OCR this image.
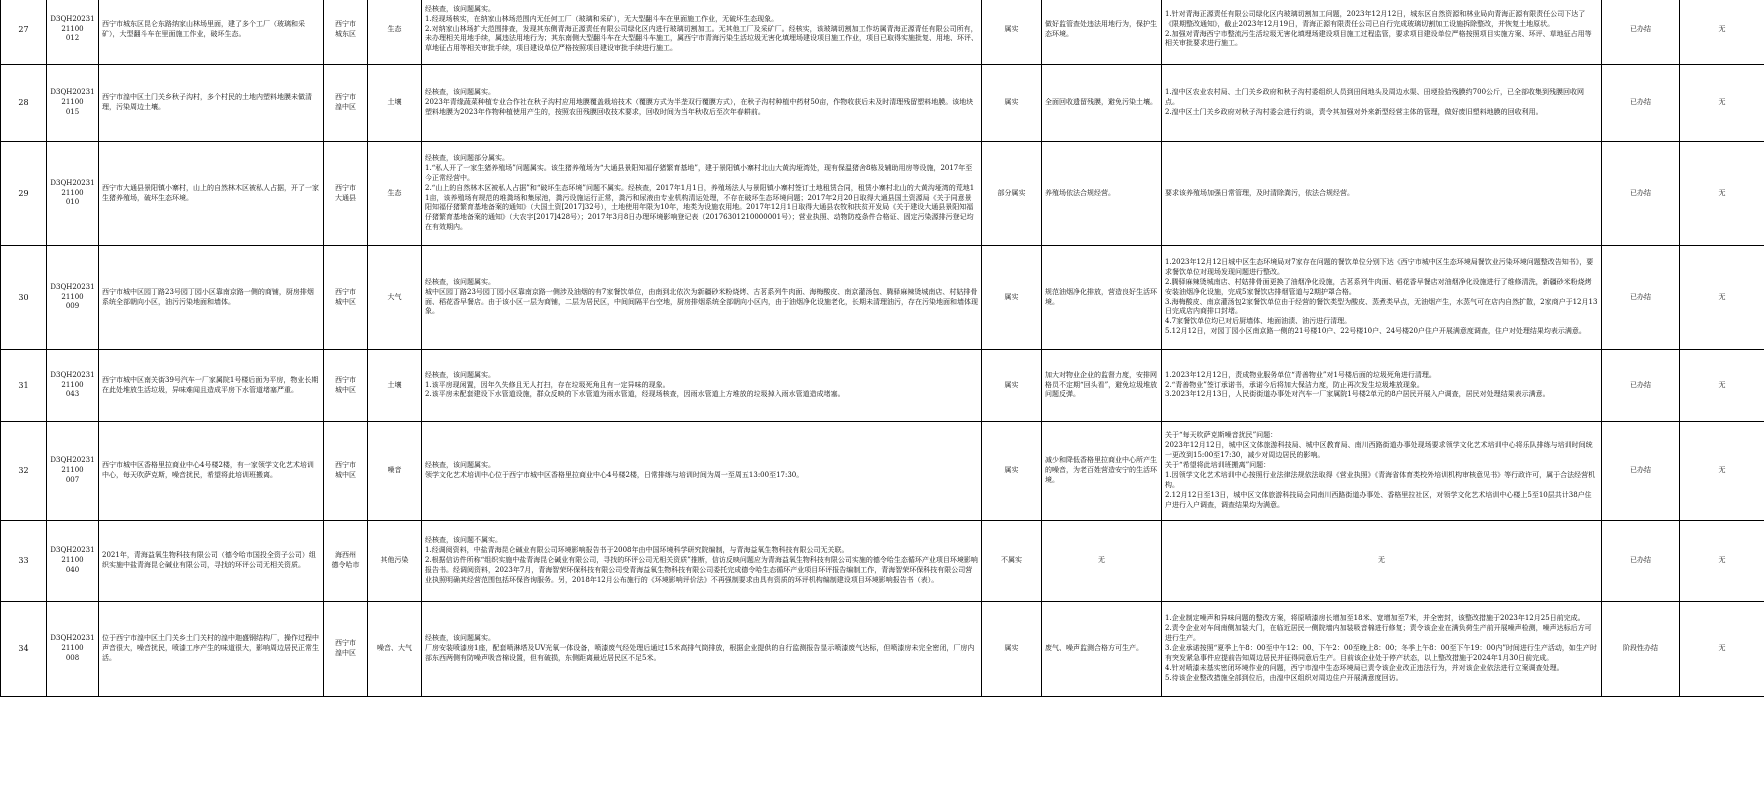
27	D3QH2023121100
012	西宁市城东区昆仑东路纳家山林场里面，建了多个工厂（玻璃和采矿），大型翻斗车在里面施工作业，破坏生态。	西宁市
城东区	生态	经核查，该问题属实。
1.经现场核实，在纳家山林场范围内无任何工厂（玻璃和采矿），无大型翻斗车在里面施工作业，无破坏生态现象。
2.对纳家山林场扩大范围排查，发现其东侧青海正源责任有限公司绿化区内进行玻璃切割加工。无其他工厂及采矿厂。经核实，该玻璃切割加工作坊属青海正源青任有限公司所有，未办理相关用地手续，属违法用地行为；其东南侧大型翻斗车在大型翻斗车施工，属西宁市青海污染生活垃圾无害化填埋场建设项目施工作业，项目已取得实施批复、用地、环评、草地征占用等相关审批手续，项目建设单位严格按照项目建设审批手续进行施工。	属实	做好监管查处违法用地行为，保护生态环境。	1.针对青海正源责任有限公司绿化区内玻璃切割加工问题，2023年12月12日，城东区自然资源和林业局向青海正源有限责任公司下达了《限期整改通知》，截止2023年12月19日，青海正源有限责任公司已自行完成玻璃切割加工设施拆除整改，并恢复土地原状。
2.加强对青海西宁市整流污生活垃圾无害化填埋场建设项目施工过程监管，要求项目建设单位严格按照项目实施方案、环评、草地征占用等相关审批要求进行施工。	已办结	无

28	D3QH2023121100
015	西宁市湟中区土门关乡秋子沟村，多个村民的土地内塑料地膜未做清理，污染周边土壤。	西宁市
湟中区	土壤	经核查，该问题属实。
2023年青缘蔬菜种植专业合作社在秋子沟村应用地膜覆盖栽培技术（覆膜方式为半垄双行覆膜方式），在秋子沟村种植中药材50亩，作物收获后未及时清理残留塑料地膜。该地块塑料地膜为2023年作物种植使用产生的，按照农田残膜回收技术要求，回收时间为当年秋收后至次年春耕前。	属实	全面回收遗留残膜，避免污染土壤。	1.湟中区农业农村局、土门关乡政府和秋子沟村委组织人员到田间地头及周边水渠、田埂捡拾残膜约700公斤，已全部收集到残膜回收网点。
2.湟中区土门关乡政府对秋子沟村委会进行约谈，责令其加强对外来新型经营主体的管理，做好废旧塑料地膜的回收利用。	已办结	无

29	D3QH2023121100
010	西宁市大通县景阳镇小寨村，山上的自然林木区被私人占据，开了一家生猪养殖场，破坏生态环境。	西宁市
大通县	生态	经核查，该问题部分属实。
1.“私人开了一家生猪养殖场”问题属实。该生猪养殖场为“大通县景阳知福仔猪繁育基地”，建于景阳镇小寨村北山大黄沟垭湾处，现有保温猪舍8栋及辅助用房等设施，2017年至今正常经营中。
2.“山上的自然林木区被私人占据”和“破坏生态环境”问题不属实。经核查，2017年1月1日，养殖场法人与景阳镇小寨村签订土地租赁合同，租赁小寨村北山的大黄沟垭湾的荒地11亩，该养殖场有规范的堆粪场和集尿池，粪污设施运行正常，粪污和尿液由专业机构清运处理，不存在破坏生态环境问题；2017年2月20日取得大通县国土资源局《关于同意景阳知福仔猪繁育基地备案的通知》（大国土资[2017]32号），土地使用年限为10年，地类为设施农用地。2017年12月1日取得大通县农牧和扶贫开发局《关于建设大通县景阳知福仔猪繁育基地备案的通知》（大农字[2017]428号）；2017年3月8日办理环境影响登记表（20176301210000001号）；营业执照、动物防疫条件合格证、固定污染源排污登记均在有效期内。	部分属实	养殖场依法合规经营。	要求该养殖场加强日常管理，及时清除粪污，依法合规经营。	已办结	无

30	D3QH2023121100
009	西宁市城中区园丁路23号园丁园小区靠南京路一侧的商铺，厨房排烟系统全部朝向小区，油污污染地面和墙体。	西宁市
城中区	大气	经核查，该问题属实。
城中区园丁路23号园丁园小区靠南京路一侧涉及油烟的有7家餐饮单位，由南到北依次为新疆砂米粉烧烤、古茗系列牛肉面、海梅酸皮、南京灌汤包、腾驿麻辣烫城南店、村姑排骨面、稻花香早餐店。由于该小区一层为商铺，二层为居民区，中间间隔平台空地，厨房排烟系统全部朝向小区内，由于油烟净化设施老化，长期未清理油污，存在污染地面和墙体现象。	属实	规范油烟净化排放，营造良好生活环境。	1.2023年12月12日城中区生态环境局对7家存在问题的餐饮单位分别下达《西宁市城中区生态环境局餐饮业污染环境问题整改告知书》，要求餐饮单位对现场发现问题进行整改。
2.腾驿麻辣烫城南店、村姑排骨面更换了油烟净化设施，古茗系列牛肉面、稻花香早餐店对油烟净化设施进行了维修清洗，新疆砂米粉烧烤安装油烟净化设施，完成5家餐饮店排烟管道与2期护罩合格。
3.海梅酸皮、南京灌汤包2家餐饮单位由于经营的餐饮类型为酸皮、蒸煮类早点，无油烟产生，水蒸气可在店内自然扩散，2家商户于12月13日完成店内商排口封堵。
4.7家餐饮单位均已对后厨墙体、地面油渍、油污进行清理。
5.12月12日，对园丁园小区南京路一侧的21号楼10户、22号楼10户、24号楼20户住户开展满意度调查，住户对处理结果均表示满意。	已办结	无

31	D3QH2023121100
043	西宁市城中区南关街39号汽车一厂家属院1号楼后面为平房，物业长期在此处堆放生活垃圾，异味难闻且造成平房下水管道堵塞严重。	西宁市
城中区	土壤	经核查，该问题属实。
1.该平房现闲置，因年久失修且无人打扫，存在垃圾死角且有一定异味的现象。
2.该平房未配套建设下水管道设施，群众反映的下水管道为雨水管道，经现场核查，因雨水管道上方堆放的垃圾掉入雨水管道造成堵塞。	属实	加大对物业企业的监督力度，安排网格员不定期“回头看”，避免垃圾堆放问题反弹。	1.2023年12月12日，责成物业服务单位“青善物业”对1号楼后面的垃圾死角进行清理。
2.“青善物业”签订承诺书，承诺今后将加大保洁力度，防止再次发生垃圾堆放现象。
3.2023年12月13日，人民街街道办事处对汽车一厂家属院1号楼2单元的8户居民开展入户调查，居民对处理结果表示满意。	已办结	无

32	D3QH2023121100
007	西宁市城中区香格里拉商业中心4号楼2楼，有一家领学文化艺术培训中心，每天吹萨克斯，噪音扰民，希望将此培训班搬离。	西宁市
城中区	噪音	经核查，该问题属实。
领学文化艺术培训中心位于西宁市城中区香格里拉商业中心4号楼2楼，日常排练与培训时间为周一至周五13:00至17:30。	属实	减少和降低香格里拉商业中心所产生的噪音，为老百姓营造安宁的生活环境。	关于“每天吹萨克斯噪音扰民”问题：
2023年12月12日，城中区文体旅游科技局、城中区教育局、南川西路街道办事处现场要求领学文化艺术培训中心将乐队排练与培训时间统一更改到15:00至17:30，减少对周边居民的影响。
关于“希望将此培训班搬离”问题：
1.因领学文化艺术培训中心按照行业法律法规依法取得《营业执照》《青海省体育类校外培训机构审核意见书》等行政许可，属于合法经营机构。
2.12月12日至13日，城中区文体旅游科技局会同南川西路街道办事处、香格里拉社区，对领学文化艺术培训中心楼上5至10层共计38户住户进行入户调查，调查结果均为满意。	已办结	无

33	D3QH2023121100
040	2021年，青海益氧生物科技有限公司（德令哈市国投全资子公司）组织实施中盐青海昆仑碱业有限公司，寻找的环评公司无相关资质。	海西州
德令哈市	其他污染	经核查，该问题不属实。
1.经调阅资料，中盐青海昆仑碱业有限公司环境影响报告书于2008年由中国环境科学研究院编制，与青海益氧生物科技有限公司无关联。
2.根据信访件所称“组织实施中盐青海昆仑碱业有限公司，寻找的环评公司无相关资质”推断，信访反映问题应为青海益氧生物科技有限公司实施的德令哈生态循环产业项目环境影响报告书。经调阅资料，2023年7月，青海智荣环保科技有限公司受青海益氧生物科技有限公司委托完成德令哈生态循环产业项目环评报告编制工作，青海智荣环保科技有限公司营业执照明确其经营范围包括环保咨询服务。另，2018年12月公布施行的《环境影响评价法》不再强制要求由具有资质的环评机构编制建设项目环境影响报告书（表）。	不属实	无	无	已办结	无

34	D3QH2023121100
008	位于西宁市湟中区土门关乡土门关村的湟中迦盛钢结构厂，操作过程中声音很大，噪音扰民，喷漆工序产生的味道很大，影响周边居民正常生活。	西宁市
湟中区	噪音、大气	经核查，该问题属实。
厂房安装喷漆房1座，配套喷淋塔及UV光氧一体设备，喷漆废气经处理后通过15米高排气筒排放，根据企业提供的自行监测报告显示喷漆废气达标，但喷漆房未完全密闭，厂房内部东西两侧有防噪声吸音棉设置，但有破损，东侧距离最近居民区不足5米。	属实	废气、噪声监测合格方可生产。	1.企业制定噪声和异味问题的整改方案，将原喷漆房长增加至18米、宽增加至7米，并全密封，该整改措施于2023年12月25日前完成。
2.责令企业对车间南侧加装大门，在临近居民一侧院墙内加装吸音棉进行修复；责令该企业在满负荷生产前开展噪声检测，噪声达标后方可进行生产。
3.企业承诺按照“夏季上午8：00至中午12：00、下午2：00至晚上8：00；冬季上午8：00至下午19：00内”时间进行生产活动，如生产时有突发紧急事件应提前告知周边居民并征得同意后生产。目前该企业处于停产状态，以上整改措施于2024年1月30日前完成。
4.针对喷漆未基实密闭环境作业的问题，西宁市湟中生态环境局已责令该企业改正违法行为，并对该企业依法进行立案调查处理。
5.待该企业整改措施全部到位后，由湟中区组织对周边住户开展满意度回访。	阶段性办结	无
